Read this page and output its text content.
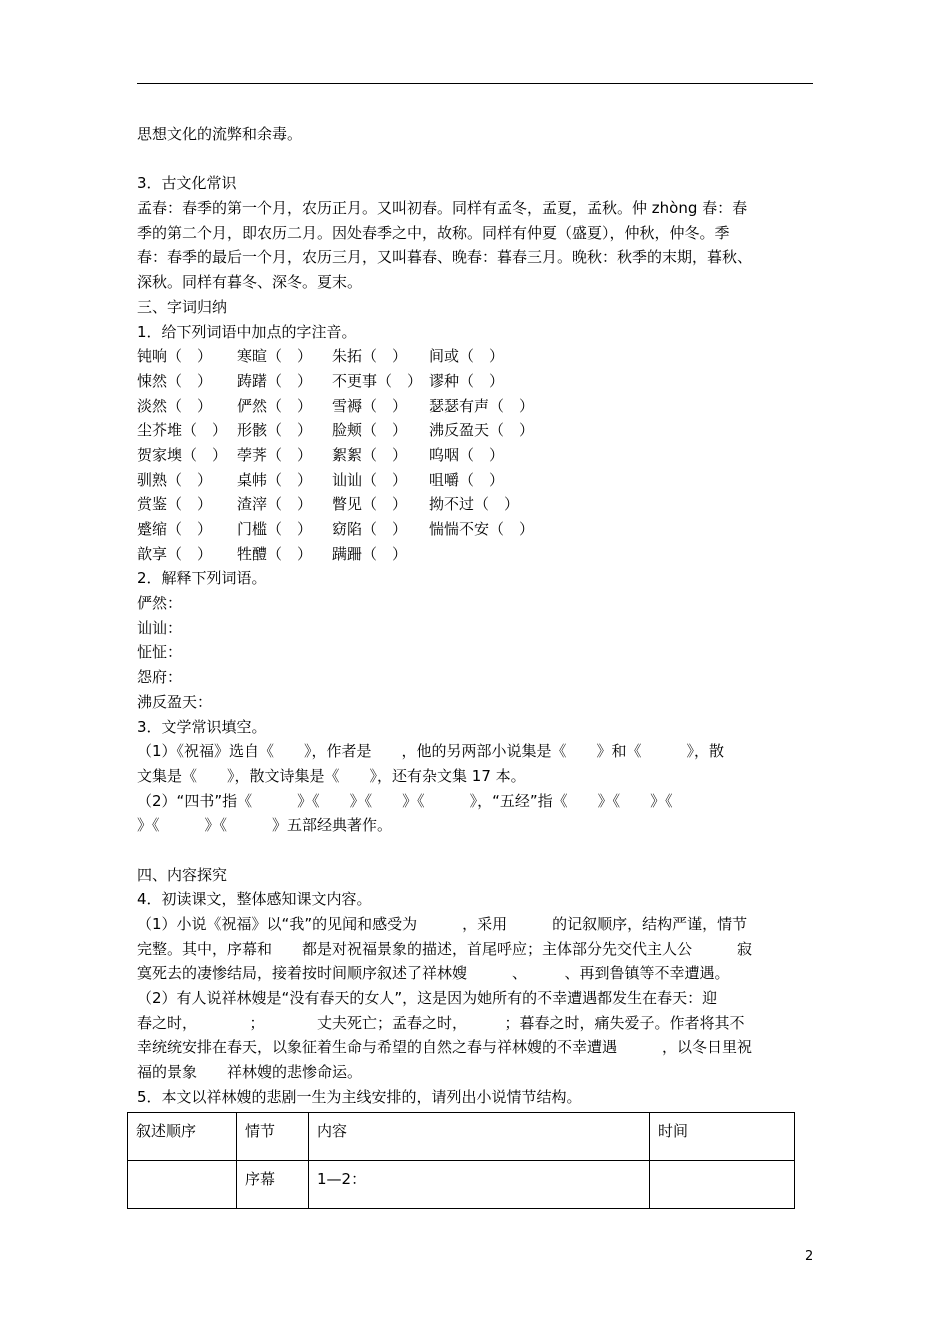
思想文化的流弊和余毒。

3．古文化常识

孟春：春季的第一个月，农历正月。又叫初春。同样有孟冬，孟夏，孟秋。仲 zhòng 春：春

季的第二个月，即农历二月。因处春季之中，故称。同样有仲夏（盛夏），仲秋，仲冬。季

春：春季的最后一个月，农历三月，又叫暮春、晚春：暮春三月。晚秋：秋季的末期，暮秋、

深秋。同样有暮冬、深冬。夏末。

三、字词归纳

1．给下列词语中加点的字注音。

钝响（　）	寒暄（　）	朱拓（　）	间或（　）
悚然（　）	踌躇（　）	不更事（　） 谬种（　）
淡然（　）	俨然（　）	雪褥（　）	瑟瑟有声（　）
尘芥堆（　） 形骸（　）	脸颊（　）	沸反盈天（　）
贺家墺（　） 荸荠（　）	絮絮（　）	呜咽（　）
驯熟（　）	桌帏（　）	讪讪（　）	咀嚼（　）
赏鉴（　）	渣滓（　）	瞥见（　）	拗不过（　）
蹙缩（　）	门槛（　）	窈陷（　）	惴惴不安（　）
歆享（　）	牲醴（　）	蹒跚（　）

2．解释下列词语。

俨然：

讪讪：

怔怔：

怨府：

沸反盈天：

3．文学常识填空。

（1）《祝福》选自《　　》，作者是　　，他的另两部小说集是《　　》和《　　　》，散

文集是《　　》，散文诗集是《　　》，还有杂文集 17 本。

（2）“四书”指《　　　》《　　》《　　》《　　　》，“五经”指《　　》《　　》《

》《　　　》《　　　》五部经典著作。

四、内容探究

4．初读课文，整体感知课文内容。

（1）小说《祝福》以“我”的见闻和感受为　　　，采用　　　的记叙顺序，结构严谨，情节

完整。其中，序幕和　　都是对祝福景象的描述，首尾呼应；主体部分先交代主人公　　　寂

寞死去的凄惨结局，接着按时间顺序叙述了祥林嫂　　　、　　　、再到鲁镇等不幸遭遇。

（2）有人说祥林嫂是“没有春天的女人”，这是因为她所有的不幸遭遇都发生在春天：迎

春之时，　　　　；　　　　丈夫死亡；孟春之时，　　　；暮春之时，痛失爱子。作者将其不

幸统统安排在春天，以象征着生命与希望的自然之春与祥林嫂的不幸遭遇　　　，以冬日里祝

福的景象　　祥林嫂的悲惨命运。

5．本文以祥林嫂的悲剧一生为主线安排的，请列出小说情节结构。

叙述顺序	情节	内容	时间
	序幕	1—2：	
2
